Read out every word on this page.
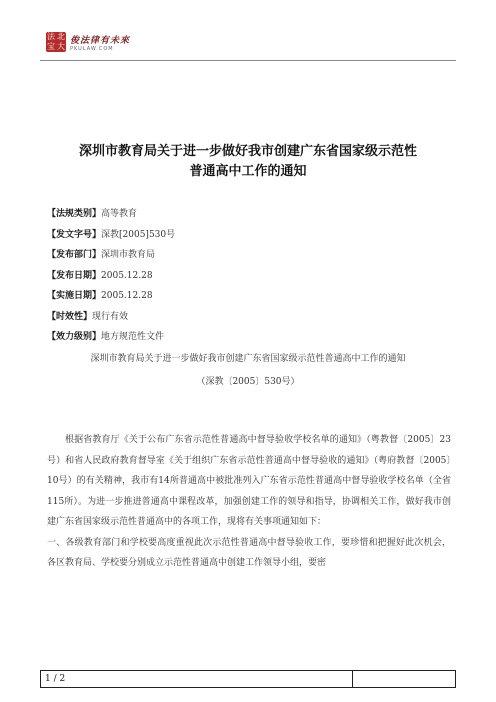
法 北
宝 大
俊法律有未來
PKULAW.COM
深圳市教育局关于进一步做好我市创建广东省国家级示范性
普通高中工作的通知
【法规类别】高等教育
【发文字号】深教[2005]530号
【发布部门】深圳市教育局
【发布日期】2005.12.28
【实施日期】2005.12.28
【时效性】现行有效
【效力级别】地方规范性文件
深圳市教育局关于进一步做好我市创建广东省国家级示范性普通高中工作的通知
（深教〔2005〕530号）

根据省教育厅《关于公布广东省示范性普通高中督导验收学校名单的通知》（粤教督〔2005〕23号）和省人民政府教育督导室《关于组织广东省示范性普通高中督导验收的通知》（粤府教督〔2005〕10号）的有关精神，我市有14所普通高中被批准列入广东省示范性普通高中督导验收学校名单（全省115所）。为进一步推进普通高中课程改革，加强创建工作的领导和指导，协调相关工作，做好我市创建广东省国家级示范性普通高中的各项工作，现将有关事项通知如下：

一、各级教育部门和学校要高度重视此次示范性普通高中督导验收工作，要珍惜和把握好此次机会，各区教育局、学校要分别成立示范性普通高中创建工作领导小组，要密

1 / 2
